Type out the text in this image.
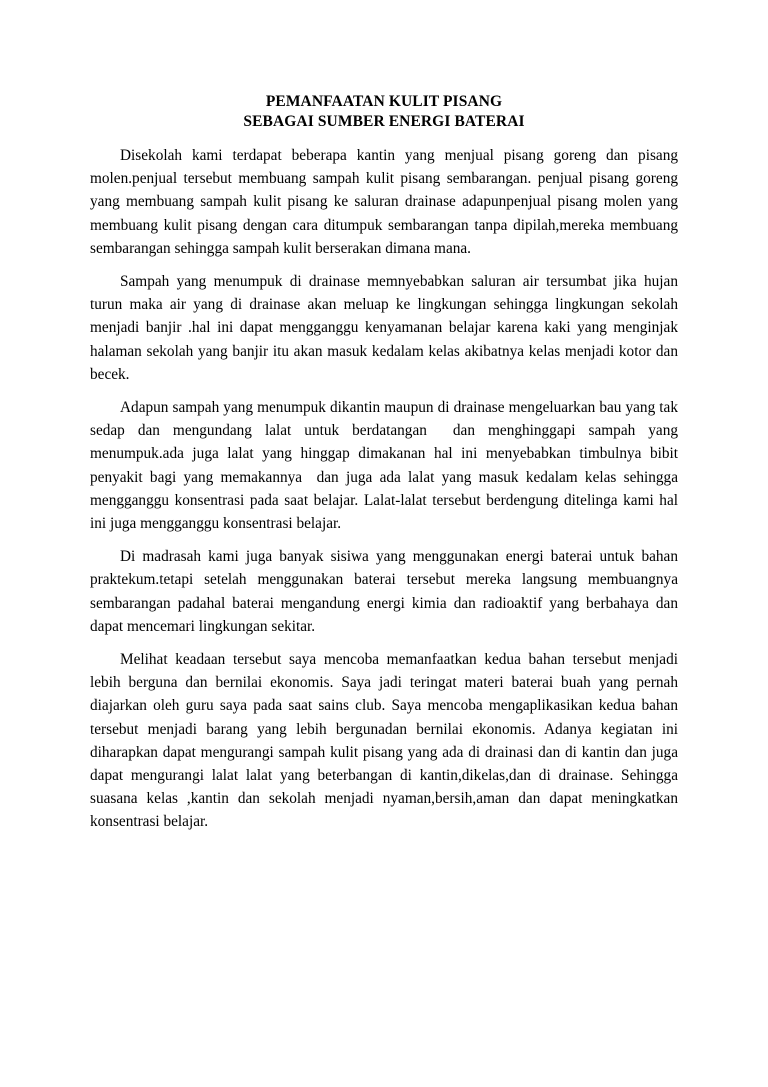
PEMANFAATAN KULIT PISANG
SEBAGAI SUMBER ENERGI BATERAI

Disekolah kami terdapat beberapa kantin yang menjual pisang goreng dan pisang molen.penjual tersebut membuang sampah kulit pisang sembarangan. penjual pisang goreng yang membuang sampah kulit pisang ke saluran drainase adapunpenjual pisang molen yang membuang kulit pisang dengan cara ditumpuk sembarangan tanpa dipilah,mereka membuang sembarangan sehingga sampah kulit berserakan dimana mana.

Sampah yang menumpuk di drainase memnyebabkan saluran air tersumbat jika hujan turun maka air yang di drainase akan meluap ke lingkungan sehingga lingkungan sekolah menjadi banjir .hal ini dapat mengganggu kenyamanan belajar karena kaki yang menginjak halaman sekolah yang banjir itu akan masuk kedalam kelas akibatnya kelas menjadi kotor dan becek.

Adapun sampah yang menumpuk dikantin maupun di drainase mengeluarkan bau yang tak sedap dan mengundang lalat untuk berdatangan  dan menghinggapi sampah yang menumpuk.ada juga lalat yang hinggap dimakanan hal ini menyebabkan timbulnya bibit penyakit bagi yang memakannya  dan juga ada lalat yang masuk kedalam kelas sehingga mengganggu konsentrasi pada saat belajar. Lalat-lalat tersebut berdengung ditelinga kami hal ini juga mengganggu konsentrasi belajar.

Di madrasah kami juga banyak sisiwa yang menggunakan energi baterai untuk bahan praktekum.tetapi setelah menggunakan baterai tersebut mereka langsung membuangnya sembarangan padahal baterai mengandung energi kimia dan radioaktif yang berbahaya dan dapat mencemari lingkungan sekitar.

Melihat keadaan tersebut saya mencoba memanfaatkan kedua bahan tersebut menjadi lebih berguna dan bernilai ekonomis. Saya jadi teringat materi baterai buah yang pernah diajarkan oleh guru saya pada saat sains club. Saya mencoba mengaplikasikan kedua bahan tersebut menjadi barang yang lebih bergunadan bernilai ekonomis. Adanya kegiatan ini diharapkan dapat mengurangi sampah kulit pisang yang ada di drainasi dan di kantin dan juga dapat mengurangi lalat lalat yang beterbangan di kantin,dikelas,dan di drainase. Sehingga suasana kelas ,kantin dan sekolah menjadi nyaman,bersih,aman dan dapat meningkatkan konsentrasi belajar.
